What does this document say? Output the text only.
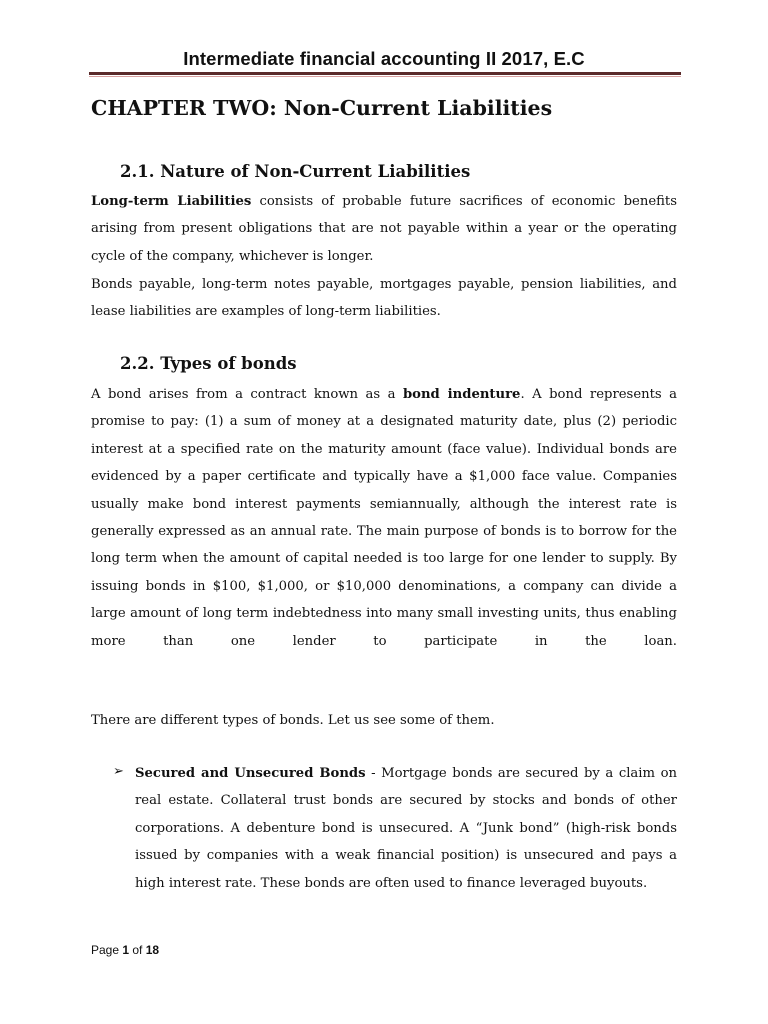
Intermediate financial accounting II 2017, E.C
CHAPTER TWO: Non-Current Liabilities
2.1. Nature of Non-Current Liabilities
Long-term Liabilities consists of probable future sacrifices of economic benefits arising from present obligations that are not payable within a year or the operating cycle of the company, whichever is longer.
Bonds payable, long-term notes payable, mortgages payable, pension liabilities, and lease liabilities are examples of long-term liabilities.
2.2. Types of bonds
A bond arises from a contract known as a bond indenture. A bond represents a promise to pay: (1) a sum of money at a designated maturity date, plus (2) periodic interest at a specified rate on the maturity amount (face value). Individual bonds are evidenced by a paper certificate and typically have a $1,000 face value. Companies usually make bond interest payments semiannually, although the interest rate is generally expressed as an annual rate. The main purpose of bonds is to borrow for the long term when the amount of capital needed is too large for one lender to supply. By issuing bonds in $100, $1,000, or $10,000 denominations, a company can divide a large amount of long term indebtedness into many small investing units, thus enabling more than one lender to participate in the loan.
There are different types of bonds. Let us see some of them.
➢ Secured and Unsecured Bonds - Mortgage bonds are secured by a claim on real estate. Collateral trust bonds are secured by stocks and bonds of other corporations. A debenture bond is unsecured. A “Junk bond” (high-risk bonds issued by companies with a weak financial position) is unsecured and pays a high interest rate. These bonds are often used to finance leveraged buyouts.
Page 1 of 18
